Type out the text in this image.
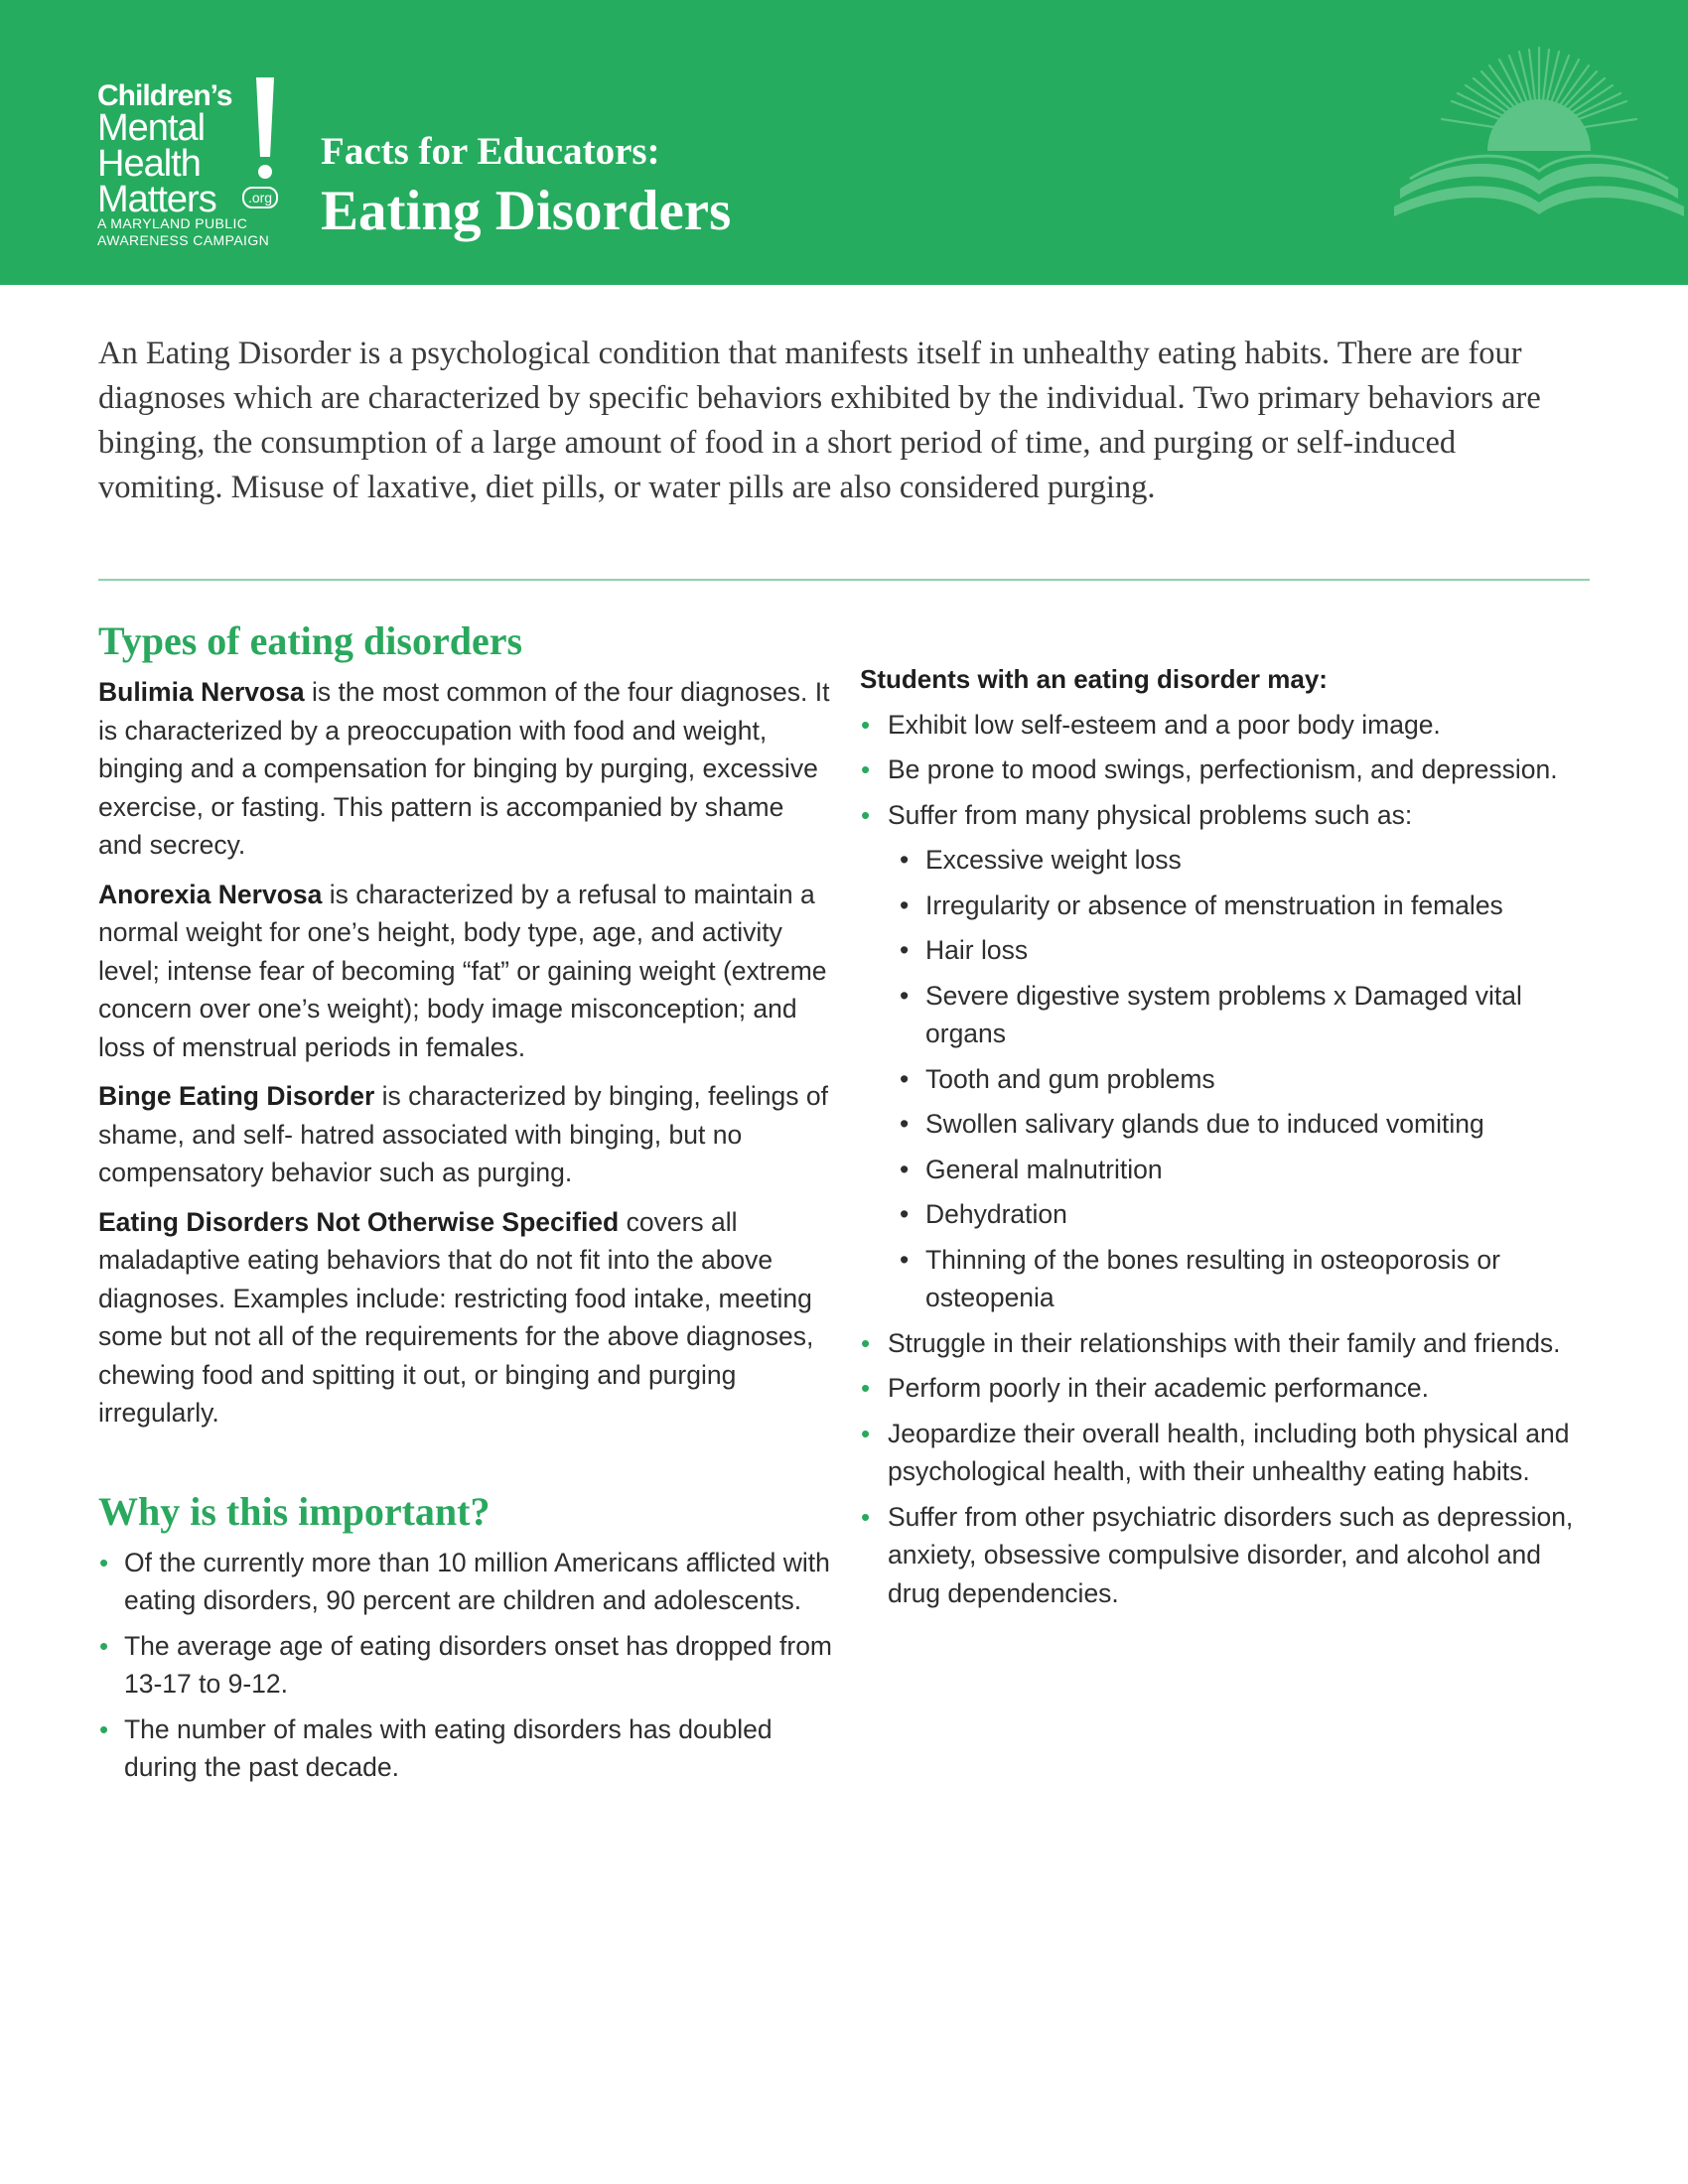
Children’s
Mental
Health
Matters	.org
A MARYLAND PUBLIC
AWARENESS CAMPAIGN
Facts for Educators:
Eating Disorders

An Eating Disorder is a psychological condition that manifests itself in unhealthy eating habits. There are four diagnoses which are characterized by specific behaviors exhibited by the individual. Two primary behaviors are binging, the consumption of a large amount of food in a short period of time, and purging or self-induced vomiting. Misuse of laxative, diet pills, or water pills are also considered purging.

Types of eating disorders

Bulimia Nervosa is the most common of the four diagnoses. It is characterized by a preoccupation with food and weight, binging and a compensation for binging by purging, excessive exercise, or fasting. This pattern is accompanied by shame and secrecy.

Anorexia Nervosa is characterized by a refusal to maintain a normal weight for one’s height, body type, age, and activity level; intense fear of becoming “fat” or gaining weight (extreme concern over one’s weight); body image misconception; and loss of menstrual periods in females.

Binge Eating Disorder is characterized by binging, feelings of shame, and self- hatred associated with binging, but no compensatory behavior such as purging.

Eating Disorders Not Otherwise Specified covers all maladaptive eating behaviors that do not fit into the above diagnoses. Examples include: restricting food intake, meeting some but not all of the requirements for the above diagnoses, chewing food and spitting it out, or binging and purging irregularly.

Why is this important?
• Of the currently more than 10 million Americans afflicted with eating disorders, 90 percent are children and adolescents.
• The average age of eating disorders onset has dropped from 13-17 to 9-12.
• The number of males with eating disorders has doubled during the past decade.
Students with an eating disorder may:
• Exhibit low self-esteem and a poor body image.
• Be prone to mood swings, perfectionism, and depression.
• Suffer from many physical problems such as:
• Excessive weight loss
• Irregularity or absence of menstruation in females
• Hair loss
• Severe digestive system problems x Damaged vital organs
• Tooth and gum problems
• Swollen salivary glands due to induced vomiting
• General malnutrition
• Dehydration
• Thinning of the bones resulting in osteoporosis or osteopenia
• Struggle in their relationships with their family and friends.
• Perform poorly in their academic performance.
• Jeopardize their overall health, including both physical and psychological health, with their unhealthy eating habits.
• Suffer from other psychiatric disorders such as depression, anxiety, obsessive compulsive disorder, and alcohol and drug dependencies.
